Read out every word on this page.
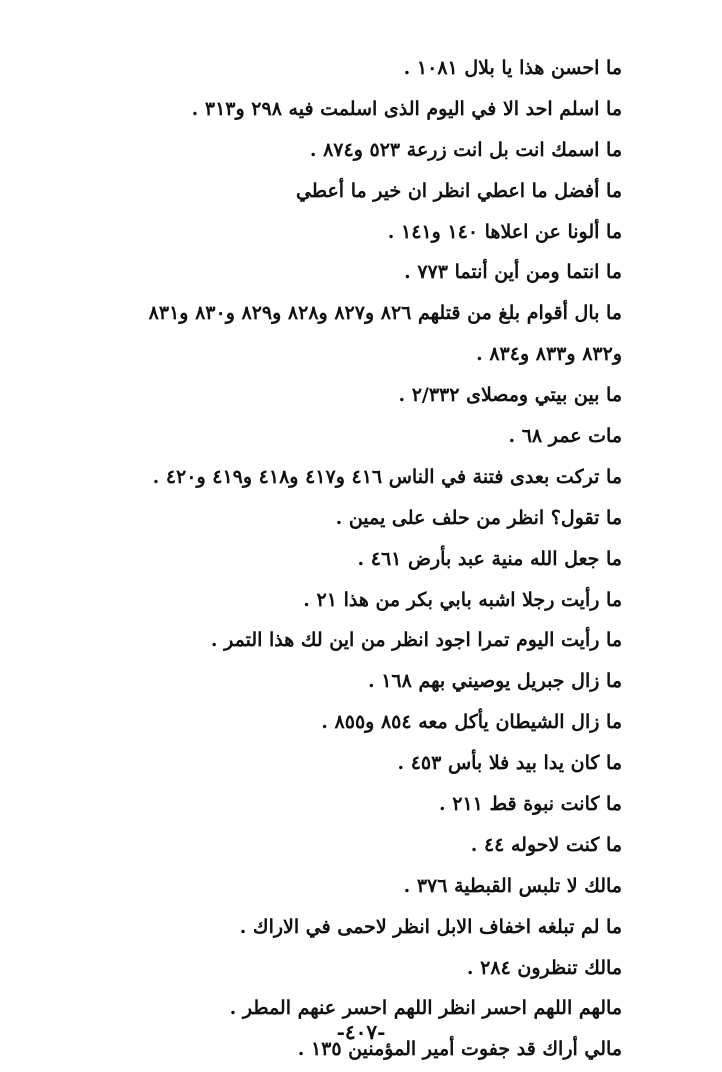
ما احسن هذا يا بلال ١٠٨١ .
ما اسلم احد الا في اليوم الذى اسلمت فيه ٢٩٨ و٣١٣ .
ما اسمك انت بل انت زرعة ٥٢٣ و٨٧٤ .
ما أفضل ما اعطي انظر ان خير ما أعطي
ما ألونا عن اعلاها ١٤٠ و١٤١ .
ما انتما ومن أين أنتما ٧٧٣ .
ما بال أقوام بلغ من قتلهم ٨٢٦ و٨٢٧ و٨٢٨ و٨٢٩ و٨٣٠ و٨٣١
و٨٣٢ و٨٣٣ و٨٣٤ .
ما بين بيتي ومصلاى ٢/٣٣٢ .
مات عمر ٦٨ .
ما تركت بعدى فتنة في الناس ٤١٦ و٤١٧ و٤١٨ و٤١٩ و٤٢٠ .
ما تقول؟ انظر من حلف على يمين .
ما جعل الله منية عبد بأرض ٤٦١ .
ما رأيت رجلا اشبه بابي بكر من هذا ٢١ .
ما رأيت اليوم تمرا اجود انظر من اين لك هذا التمر .
ما زال جبريل يوصيني بهم ١٦٨ .
ما زال الشيطان يأكل معه ٨٥٤ و٨٥٥ .
ما كان يدا بيد فلا بأس ٤٥٣ .
ما كانت نبوة قط ٢١١ .
ما كنت لاحوله ٤٤ .
مالك لا تلبس القبطية ٣٧٦ .
ما لم تبلغه اخفاف الابل انظر لاحمى في الاراك .
مالك تنظرون ٢٨٤ .
مالهم اللهم احسر انظر اللهم احسر عنهم المطر .
مالي أراك قد جفوت أمير المؤمنين ١٣٥ .
-٤٠٧-
